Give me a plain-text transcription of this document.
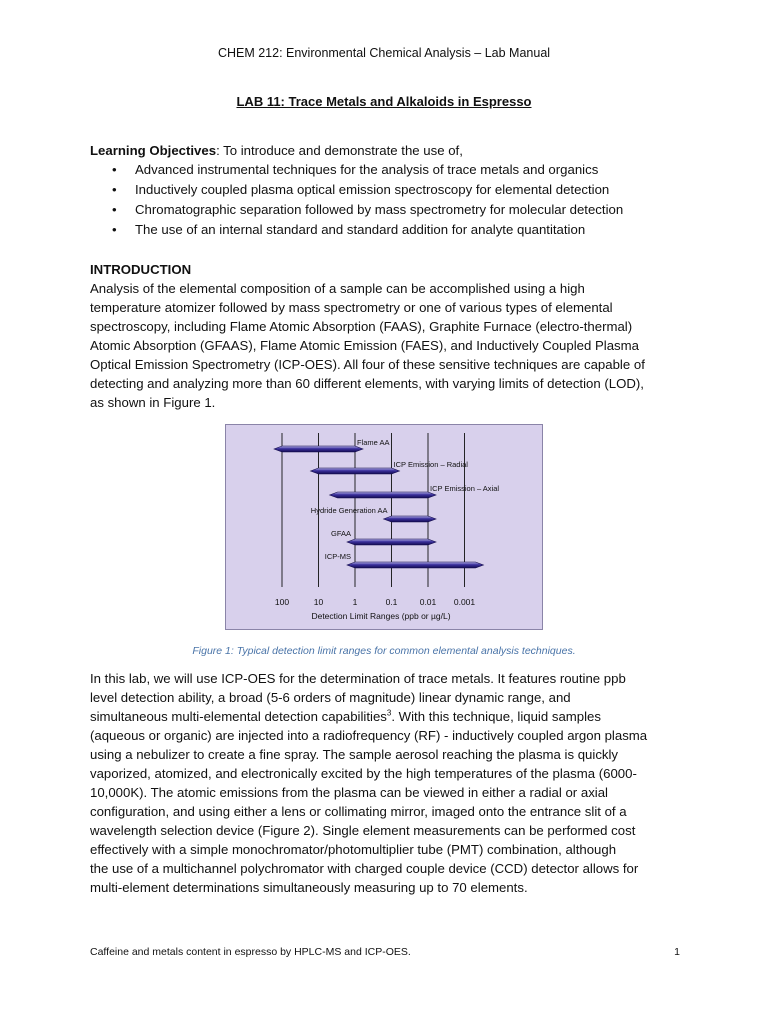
CHEM 212: Environmental Chemical Analysis – Lab Manual
LAB 11: Trace Metals and Alkaloids in Espresso
Learning Objectives: To introduce and demonstrate the use of,
• Advanced instrumental techniques for the analysis of trace metals and organics
• Inductively coupled plasma optical emission spectroscopy for elemental detection
• Chromatographic separation followed by mass spectrometry for molecular detection
• The use of an internal standard and standard addition for analyte quantitation
INTRODUCTION
Analysis of the elemental composition of a sample can be accomplished using a high
temperature atomizer followed by mass spectrometry or one of various types of elemental
spectroscopy, including Flame Atomic Absorption (FAAS), Graphite Furnace (electro-thermal)
Atomic Absorption (GFAAS), Flame Atomic Emission (FAES), and Inductively Coupled Plasma
Optical Emission Spectrometry (ICP-OES). All four of these sensitive techniques are capable of
detecting and analyzing more than 60 different elements, with varying limits of detection (LOD),
as shown in Figure 1.
Flame AA
ICP Emission – Radial
ICP Emission – Axial
Hydride Generation AA
GFAA
ICP-MS
100	10	1	0.1	0.01 0.001
Detection Limit Ranges (ppb or µg/L)
Figure 1: Typical detection limit ranges for common elemental analysis techniques.
In this lab, we will use ICP-OES for the determination of trace metals. It features routine ppb
level detection ability, a broad (5-6 orders of magnitude) linear dynamic range, and
simultaneous multi-elemental detection capabilities$^3$. With this technique, liquid samples
(aqueous or organic) are injected into a radiofrequency (RF) - inductively coupled argon plasma
using a nebulizer to create a fine spray. The sample aerosol reaching the plasma is quickly
vaporized, atomized, and electronically excited by the high temperatures of the plasma (6000-
10,000K). The atomic emissions from the plasma can be viewed in either a radial or axial
configuration, and using either a lens or collimating mirror, imaged onto the entrance slit of a
wavelength selection device (Figure 2). Single element measurements can be performed cost
effectively with a simple monochromator/photomultiplier tube (PMT) combination, although
the use of a multichannel polychromator with charged couple device (CCD) detector allows for
multi-element determinations simultaneously measuring up to 70 elements.
Caffeine and metals content in espresso by HPLC-MS and ICP-OES.	1
